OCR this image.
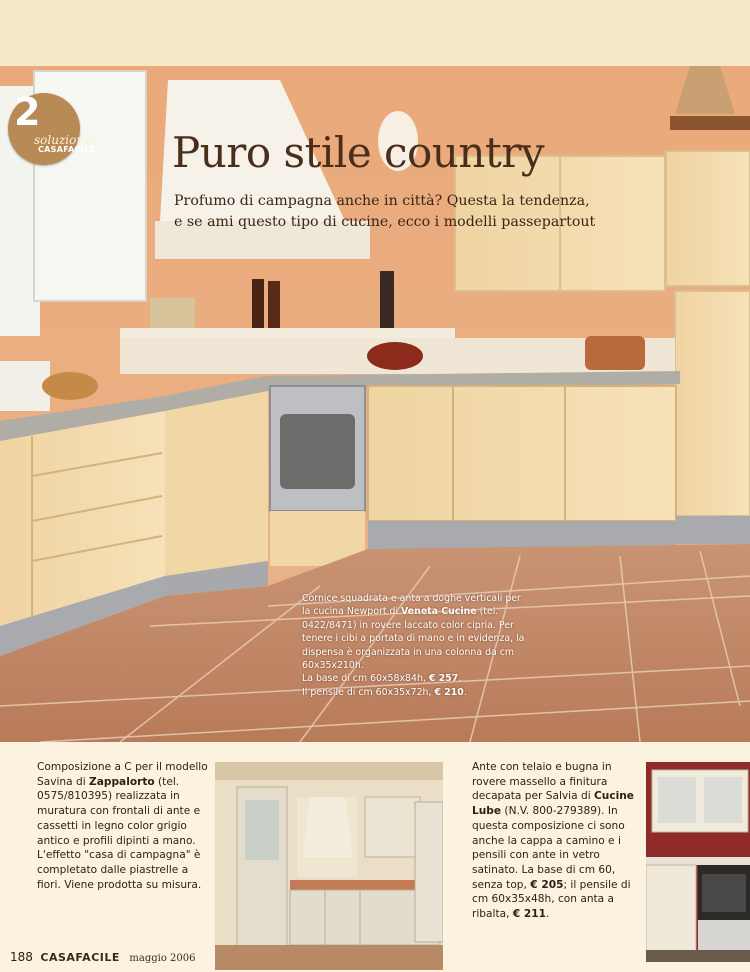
2
soluzione
CASAFACILE Puro stile country
Profumo di campagna anche in città? Questa la tendenza,
e se ami questo tipo di cucine, ecco i modelli passepartout
Cornice squadrata e anta a doghe verticali per la cucina Newport di Veneta Cucine (tel. 0422/8471) in rovere laccato color cipria. Per tenere i cibi a portata di mano e in evidenza, la dispensa è organizzata in una colonna da cm 60x35x210h.
La base di cm 60x58x84h, € 257.
Il pensile di cm 60x35x72h, € 210.
Composizione a C per il modello Savina di Zappalorto (tel. 0575/810395) realizzata in muratura con frontali di ante e cassetti in legno color grigio antico e profili dipinti a mano. L'effetto "casa di campagna" è completato dalle piastrelle a fiori. Viene prodotta su misura.
Ante con telaio e bugna in rovere massello a finitura decapata per Salvia di Cucine Lube (N.V. 800-279389). In questa composizione ci sono anche la cappa a camino e i pensili con ante in vetro satinato. La base di cm 60, senza top, € 205; il pensile di cm 60x35x48h, con anta a ribalta, € 211.
188 CASAFACILE maggio 2006
